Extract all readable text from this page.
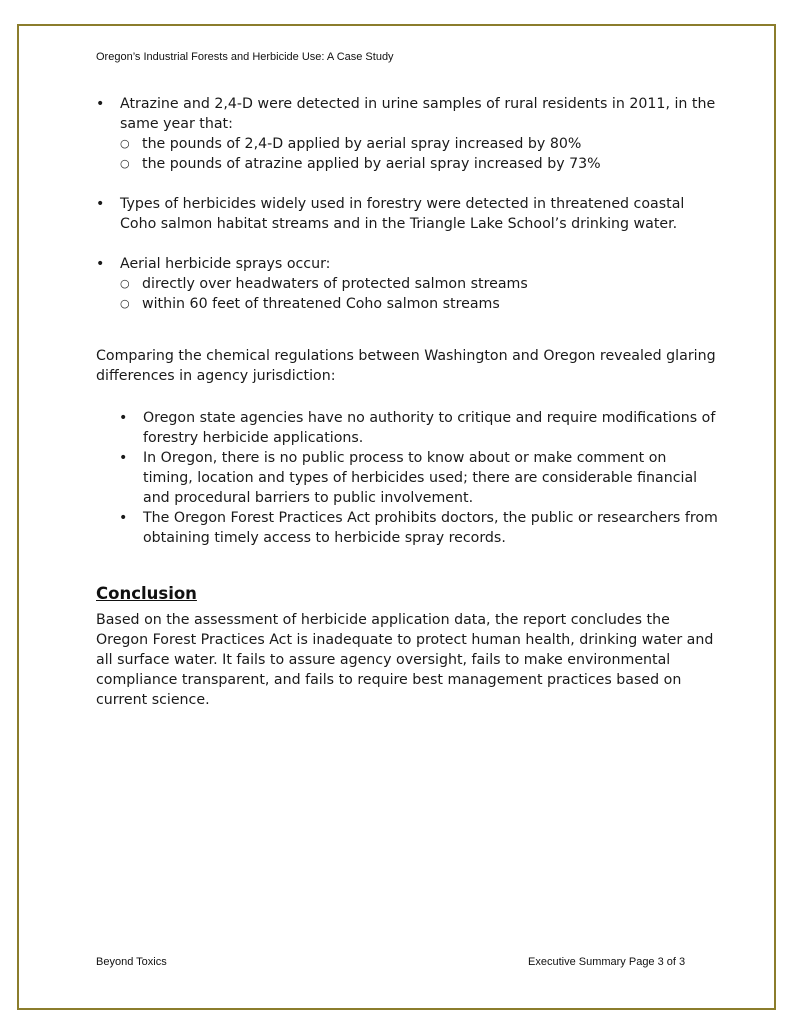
Oregon’s Industrial Forests and Herbicide Use: A Case Study
•	Atrazine and 2,4-D were detected in urine samples of rural residents in 2011, in the same year that:
○ the pounds of 2,4-D applied by aerial spray increased by 80%
○ the pounds of atrazine applied by aerial spray increased by 73%
•	Types of herbicides widely used in forestry were detected in threatened coastal Coho salmon habitat streams and in the Triangle Lake School’s drinking water.
•	Aerial herbicide sprays occur:
○ directly over headwaters of protected salmon streams
○ within 60 feet of threatened Coho salmon streams

Comparing the chemical regulations between Washington and Oregon revealed glaring differences in agency jurisdiction:

•	Oregon state agencies have no authority to critique and require modifications of forestry herbicide applications.
•	In Oregon, there is no public process to know about or make comment on timing, location and types of herbicides used; there are considerable financial and procedural barriers to public involvement.
•	The Oregon Forest Practices Act prohibits doctors, the public or researchers from obtaining timely access to herbicide spray records.
Conclusion

Based on the assessment of herbicide application data, the report concludes the Oregon Forest Practices Act is inadequate to protect human health, drinking water and all surface water. It fails to assure agency oversight, fails to make environmental compliance transparent, and fails to require best management practices based on current science.

Beyond Toxics	Executive Summary Page 3 of 3
